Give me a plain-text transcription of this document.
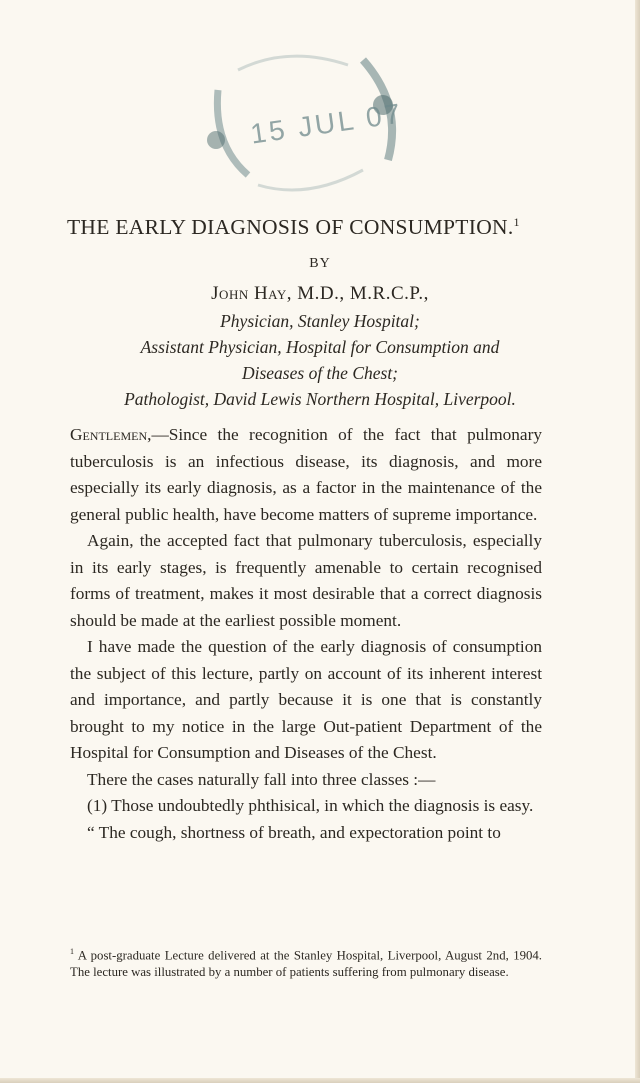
15 JUL 07
THE EARLY DIAGNOSIS OF CONSUMPTION.$^1$
BY
John Hay, M.D., M.R.C.P.,
Physician, Stanley Hospital;
Assistant Physician, Hospital for Consumption and
Diseases of the Chest;
Pathologist, David Lewis Northern Hospital, Liverpool.

Gentlemen,—Since the recognition of the fact that pulmonary tuberculosis is an infectious disease, its diagnosis, and more especially its early diagnosis, as a factor in the maintenance of the general public health, have become matters of supreme importance.

Again, the accepted fact that pulmonary tuberculosis, especially in its early stages, is frequently amenable to certain recognised forms of treatment, makes it most desirable that a correct diagnosis should be made at the earliest possible moment.

I have made the question of the early diagnosis of consumption the subject of this lecture, partly on account of its inherent interest and importance, and partly because it is one that is constantly brought to my notice in the large Out-patient Department of the Hospital for Consumption and Diseases of the Chest.

There the cases naturally fall into three classes :—

(1) Those undoubtedly phthisical, in which the diagnosis is easy.

“ The cough, shortness of breath, and expectoration point to

$^1$ A post-graduate Lecture delivered at the Stanley Hospital, Liverpool, August 2nd, 1904. The lecture was illustrated by a number of patients suffering from pulmonary disease.
